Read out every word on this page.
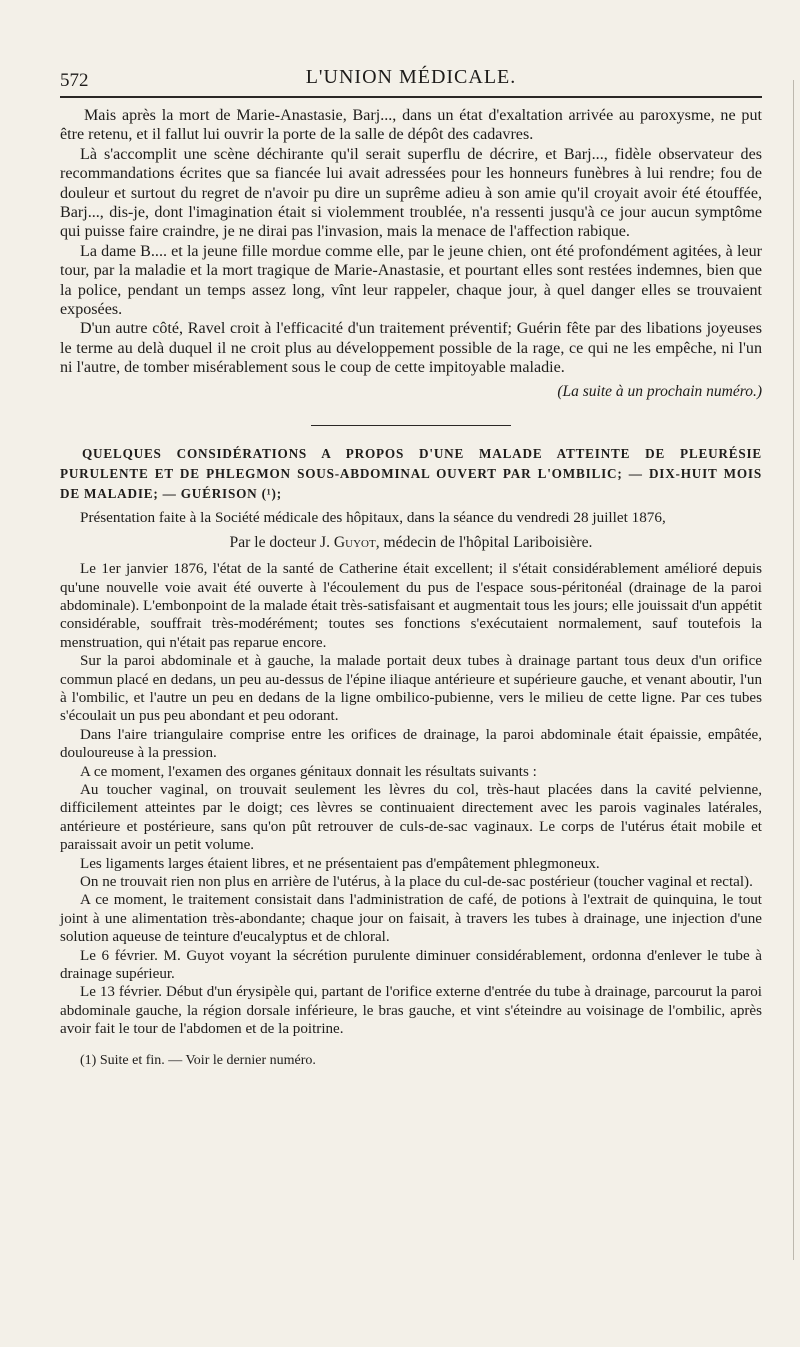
572	L'UNION MÉDICALE.

Mais après la mort de Marie-Anastasie, Barj..., dans un état d'exaltation arrivée au paroxysme, ne put être retenu, et il fallut lui ouvrir la porte de la salle de dépôt des cadavres.

Là s'accomplit une scène déchirante qu'il serait superflu de décrire, et Barj..., fidèle observateur des recommandations écrites que sa fiancée lui avait adressées pour les honneurs funèbres à lui rendre; fou de douleur et surtout du regret de n'avoir pu dire un suprême adieu à son amie qu'il croyait avoir été étouffée, Barj..., dis-je, dont l'imagination était si violemment troublée, n'a ressenti jusqu'à ce jour aucun symptôme qui puisse faire craindre, je ne dirai pas l'invasion, mais la menace de l'affection rabique.

La dame B.... et la jeune fille mordue comme elle, par le jeune chien, ont été profondément agitées, à leur tour, par la maladie et la mort tragique de Marie-Anastasie, et pourtant elles sont restées indemnes, bien que la police, pendant un temps assez long, vînt leur rappeler, chaque jour, à quel danger elles se trouvaient exposées.

D'un autre côté, Ravel croit à l'efficacité d'un traitement préventif; Guérin fête par des libations joyeuses le terme au delà duquel il ne croit plus au développement possible de la rage, ce qui ne les empêche, ni l'un ni l'autre, de tomber misérablement sous le coup de cette impitoyable maladie.

(La suite à un prochain numéro.)
QUELQUES CONSIDÉRATIONS A PROPOS D'UNE MALADE ATTEINTE DE PLEURÉSIE PURULENTE ET DE PHLEGMON SOUS-ABDOMINAL OUVERT PAR L'OMBILIC; — DIX-HUIT MOIS DE MALADIE; — GUÉRISON (¹);
Présentation faite à la Société médicale des hôpitaux, dans la séance du vendredi 28 juillet 1876,
Par le docteur J. Guyot, médecin de l'hôpital Lariboisière.

Le 1er janvier 1876, l'état de la santé de Catherine était excellent; il s'était considérablement amélioré depuis qu'une nouvelle voie avait été ouverte à l'écoulement du pus de l'espace sous-péritonéal (drainage de la paroi abdominale). L'embonpoint de la malade était très-satisfaisant et augmentait tous les jours; elle jouissait d'un appétit considérable, souffrait très-modérément; toutes ses fonctions s'exécutaient normalement, sauf toutefois la menstruation, qui n'était pas reparue encore.

Sur la paroi abdominale et à gauche, la malade portait deux tubes à drainage partant tous deux d'un orifice commun placé en dedans, un peu au-dessus de l'épine iliaque antérieure et supérieure gauche, et venant aboutir, l'un à l'ombilic, et l'autre un peu en dedans de la ligne ombilico-pubienne, vers le milieu de cette ligne. Par ces tubes s'écoulait un pus peu abondant et peu odorant.

Dans l'aire triangulaire comprise entre les orifices de drainage, la paroi abdominale était épaissie, empâtée, douloureuse à la pression.

A ce moment, l'examen des organes génitaux donnait les résultats suivants :

Au toucher vaginal, on trouvait seulement les lèvres du col, très-haut placées dans la cavité pelvienne, difficilement atteintes par le doigt; ces lèvres se continuaient directement avec les parois vaginales latérales, antérieure et postérieure, sans qu'on pût retrouver de culs-de-sac vaginaux. Le corps de l'utérus était mobile et paraissait avoir un petit volume.

Les ligaments larges étaient libres, et ne présentaient pas d'empâtement phlegmoneux.

On ne trouvait rien non plus en arrière de l'utérus, à la place du cul-de-sac postérieur (toucher vaginal et rectal).

A ce moment, le traitement consistait dans l'administration de café, de potions à l'extrait de quinquina, le tout joint à une alimentation très-abondante; chaque jour on faisait, à travers les tubes à drainage, une injection d'une solution aqueuse de teinture d'eucalyptus et de chloral.

Le 6 février. M. Guyot voyant la sécrétion purulente diminuer considérablement, ordonna d'enlever le tube à drainage supérieur.

Le 13 février. Début d'un érysipèle qui, partant de l'orifice externe d'entrée du tube à drainage, parcourut la paroi abdominale gauche, la région dorsale inférieure, le bras gauche, et vint s'éteindre au voisinage de l'ombilic, après avoir fait le tour de l'abdomen et de la poitrine.

(1) Suite et fin. — Voir le dernier numéro.
